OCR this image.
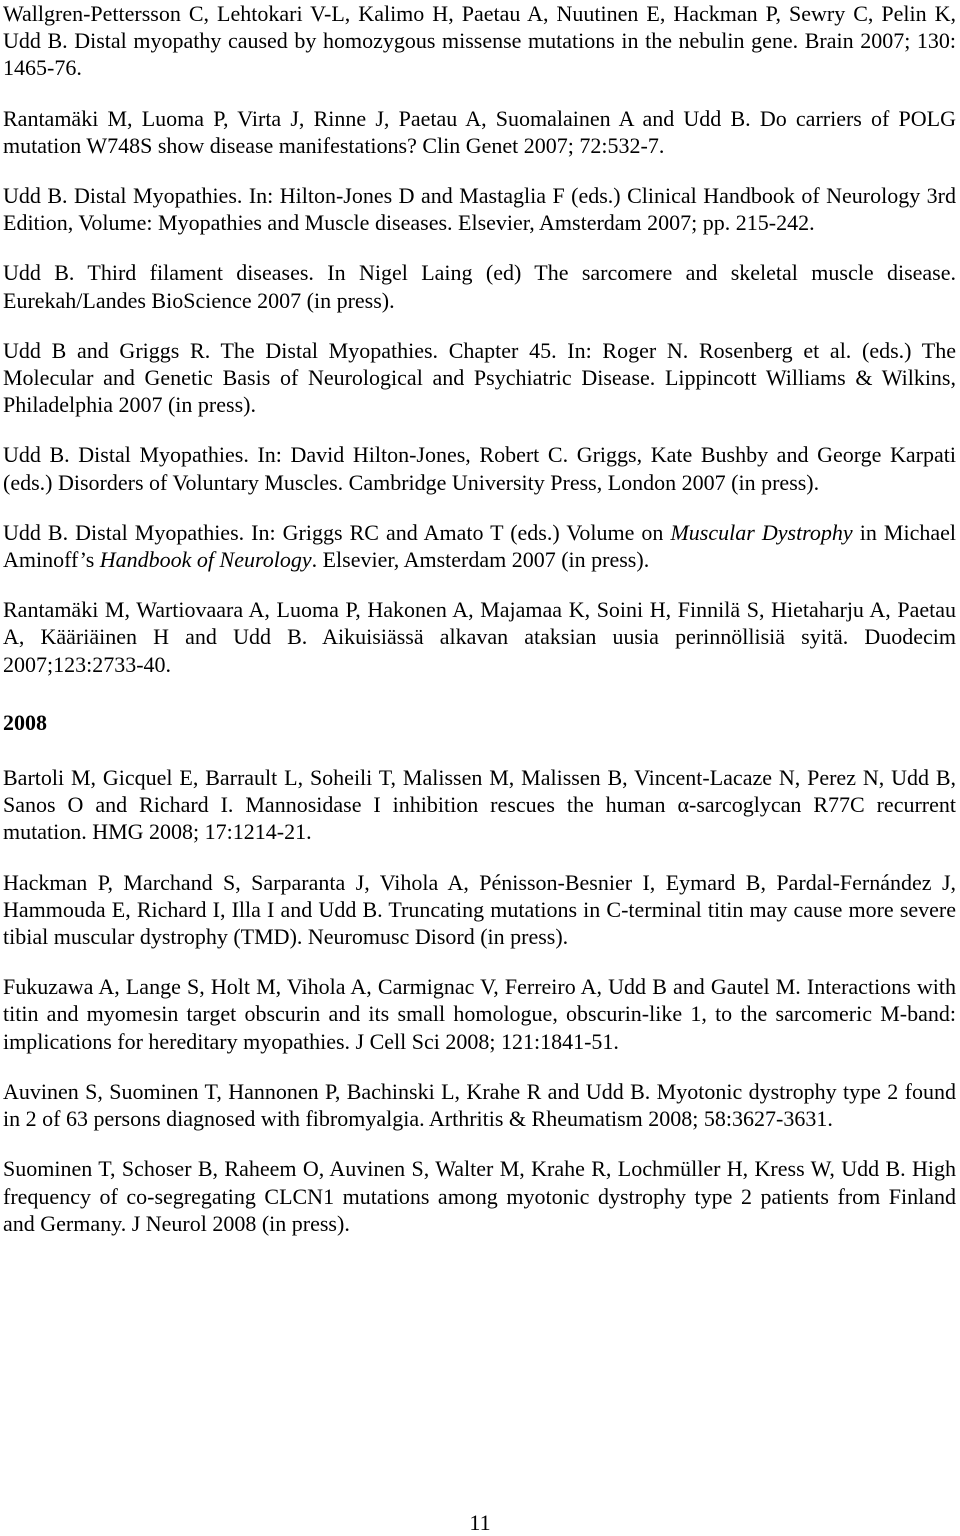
Wallgren-Pettersson C, Lehtokari V-L, Kalimo H, Paetau A, Nuutinen E, Hackman P, Sewry C, Pelin K, Udd B. Distal myopathy caused by homozygous missense mutations in the nebulin gene. Brain 2007; 130: 1465-76.

Rantamäki M, Luoma P, Virta J, Rinne J, Paetau A, Suomalainen A and Udd B. Do carriers of POLG mutation W748S show disease manifestations? Clin Genet 2007; 72:532-7.

Udd B. Distal Myopathies. In: Hilton-Jones D and Mastaglia F (eds.) Clinical Handbook of Neurology 3rd Edition, Volume: Myopathies and Muscle diseases. Elsevier, Amsterdam 2007; pp. 215-242.

Udd B. Third filament diseases. In Nigel Laing (ed) The sarcomere and skeletal muscle disease. Eurekah/Landes BioScience 2007 (in press).

Udd B and Griggs R. The Distal Myopathies. Chapter 45. In: Roger N. Rosenberg et al. (eds.) The Molecular and Genetic Basis of Neurological and Psychiatric Disease. Lippincott Williams & Wilkins, Philadelphia 2007 (in press).

Udd B. Distal Myopathies. In: David Hilton-Jones, Robert C. Griggs, Kate Bushby and George Karpati (eds.) Disorders of Voluntary Muscles. Cambridge University Press, London 2007 (in press).

Udd B. Distal Myopathies. In: Griggs RC and Amato T (eds.) Volume on Muscular Dystrophy in Michael Aminoff’s Handbook of Neurology. Elsevier, Amsterdam 2007 (in press).

Rantamäki M, Wartiovaara A, Luoma P, Hakonen A, Majamaa K, Soini H, Finnilä S, Hietaharju A, Paetau A, Kääriäinen H and Udd B. Aikuisiässä alkavan ataksian uusia perinnöllisiä syitä. Duodecim 2007;123:2733-40.

2008

Bartoli M, Gicquel E, Barrault L, Soheili T, Malissen M, Malissen B, Vincent-Lacaze N, Perez N, Udd B, Sanos O and Richard I. Mannosidase I inhibition rescues the human α-sarcoglycan R77C recurrent mutation. HMG 2008; 17:1214-21.

Hackman P, Marchand S, Sarparanta J, Vihola A, Pénisson-Besnier I, Eymard B, Pardal-Fernández J, Hammouda E, Richard I, Illa I and Udd B. Truncating mutations in C-terminal titin may cause more severe tibial muscular dystrophy (TMD). Neuromusc Disord (in press).

Fukuzawa A, Lange S, Holt M, Vihola A, Carmignac V, Ferreiro A, Udd B and Gautel M. Interactions with titin and myomesin target obscurin and its small homologue, obscurin-like 1, to the sarcomeric M-band: implications for hereditary myopathies. J Cell Sci 2008; 121:1841-51.

Auvinen S, Suominen T, Hannonen P, Bachinski L, Krahe R and Udd B. Myotonic dystrophy type 2 found in 2 of 63 persons diagnosed with fibromyalgia. Arthritis & Rheumatism 2008; 58:3627-3631.

Suominen T, Schoser B, Raheem O, Auvinen S, Walter M, Krahe R, Lochmüller H, Kress W, Udd B. High frequency of co-segregating CLCN1 mutations among myotonic dystrophy type 2 patients from Finland and Germany. J Neurol 2008 (in press).

11
